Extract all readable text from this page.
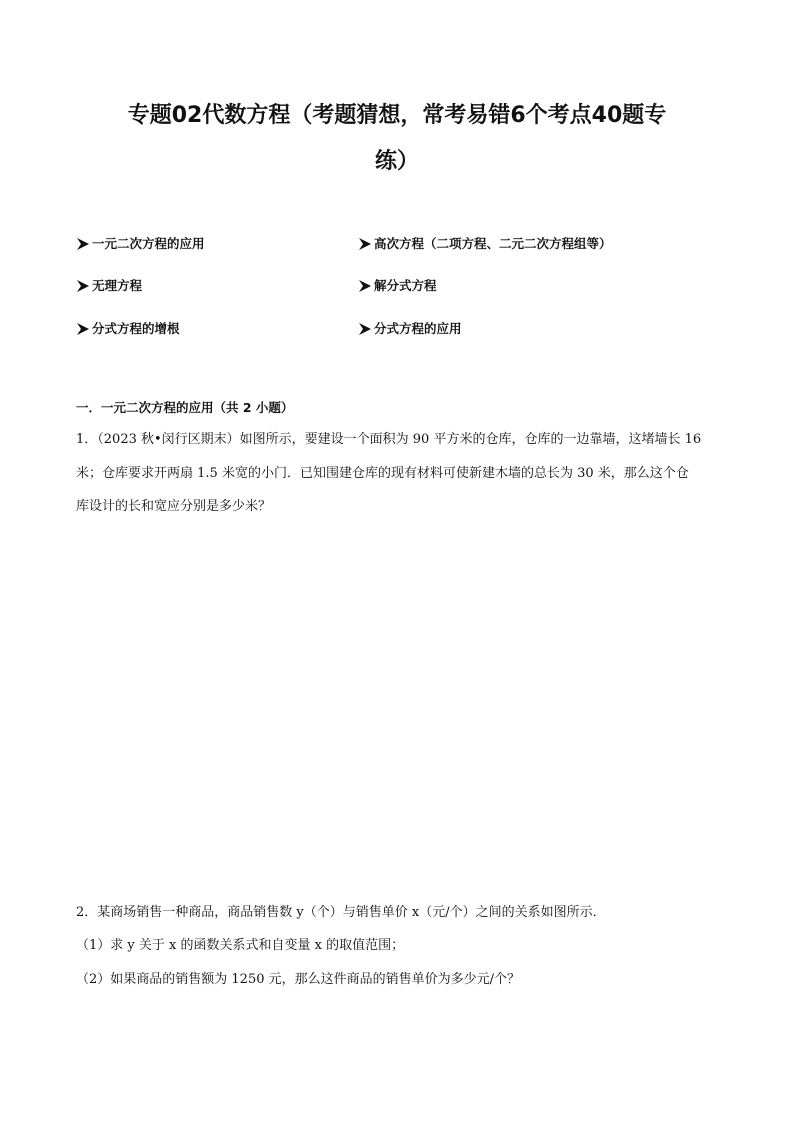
专题02代数方程（考题猜想，常考易错6个考点40题专
练）
一元二次方程的应用	高次方程（二项方程、二元二次方程组等）
无理方程	解分式方程
分式方程的增根	分式方程的应用
一．一元二次方程的应用（共 2 小题）
1．（2023 秋•闵行区期末）如图所示，要建设一个面积为 90 平方米的仓库，仓库的一边靠墙，这堵墙长 16
米；仓库要求开两扇 1.5 米宽的小门．已知围建仓库的现有材料可使新建木墙的总长为 30 米，那么这个仓
库设计的长和宽应分别是多少米？
2．某商场销售一种商品，商品销售数 y（个）与销售单价 x（元/个）之间的关系如图所示．
（1）求 y 关于 x 的函数关系式和自变量 x 的取值范围；
（2）如果商品的销售额为 1250 元，那么这件商品的销售单价为多少元/个？
